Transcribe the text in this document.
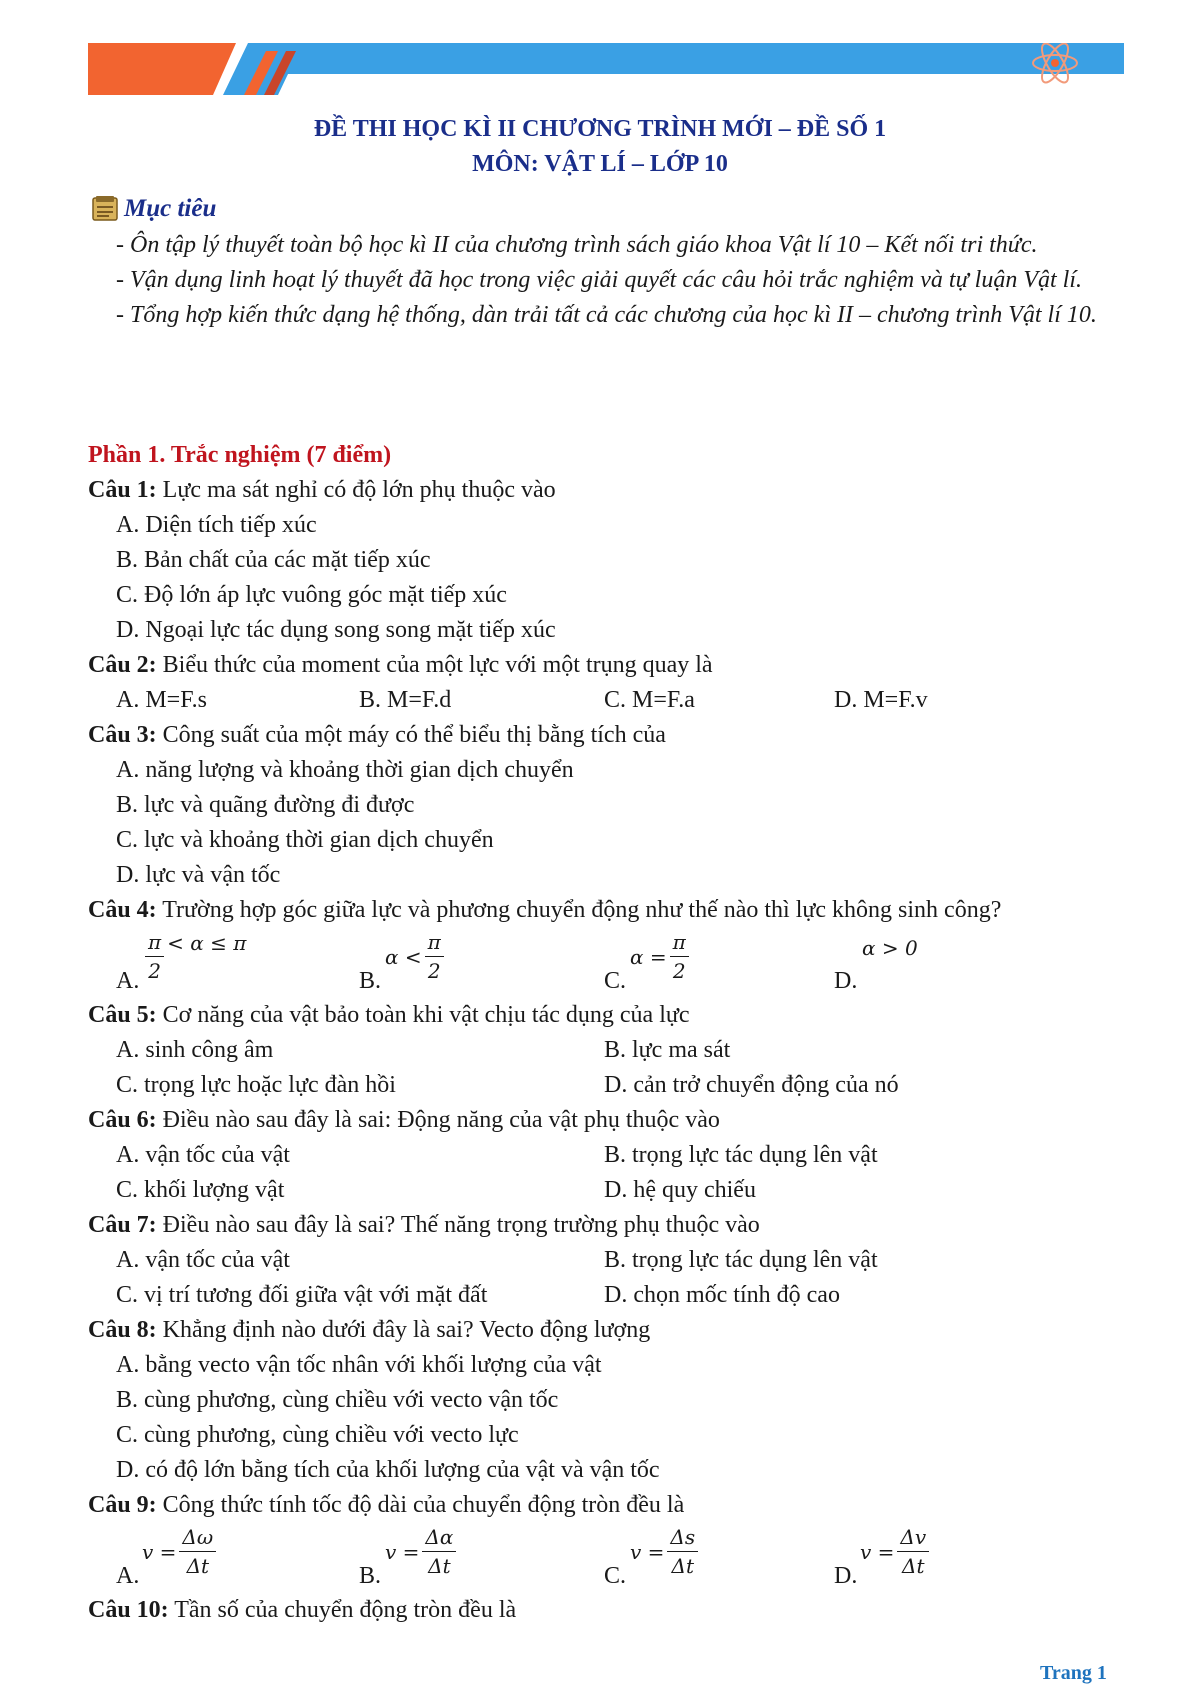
ĐỀ THI HỌC KÌ II CHƯƠNG TRÌNH MỚI – ĐỀ SỐ 1
MÔN: VẬT LÍ – LỚP 10
Mục tiêu

- Ôn tập lý thuyết toàn bộ học kì II của chương trình sách giáo khoa Vật lí 10 – Kết nối tri thức.

- Vận dụng linh hoạt lý thuyết đã học trong việc giải quyết các câu hỏi trắc nghiệm và tự luận Vật lí.

- Tổng hợp kiến thức dạng hệ thống, dàn trải tất cả các chương của học kì II – chương trình Vật lí 10.

Phần 1. Trắc nghiệm (7 điểm)
Câu 1: Lực ma sát nghỉ có độ lớn phụ thuộc vào
A. Diện tích tiếp xúc
B. Bản chất của các mặt tiếp xúc
C. Độ lớn áp lực vuông góc mặt tiếp xúc
D. Ngoại lực tác dụng song song mặt tiếp xúc
Câu 2: Biểu thức của moment của một lực với một trụng quay là
A. M=F.s	B. M=F.d	C. M=F.a	D. M=F.v
Câu 3: Công suất của một máy có thể biểu thị bằng tích của
A. năng lượng và khoảng thời gian dịch chuyển
B. lực và quãng đường đi được
C. lực và khoảng thời gian dịch chuyển
D. lực và vận tốc
Câu 4: Trường hợp góc giữa lực và phương chuyển động như thế nào thì lực không sinh công?
A. $\frac{\pi}{2} < \alpha \le \pi$
B.
$\alpha < \frac{\pi}{2}$	C.
$\alpha = \frac{\pi}{2}$	D.
α > 0
Câu 5: Cơ năng của vật bảo toàn khi vật chịu tác dụng của lực
A. sinh công âm	B. lực ma sát
C. trọng lực hoặc lực đàn hồi	D. cản trở chuyển động của nó
Câu 6: Điều nào sau đây là sai: Động năng của vật phụ thuộc vào
A. vận tốc của vật	B. trọng lực tác dụng lên vật
C. khối lượng vật	D. hệ quy chiếu
Câu 7: Điều nào sau đây là sai? Thế năng trọng trường phụ thuộc vào
A. vận tốc của vật	B. trọng lực tác dụng lên vật
C. vị trí tương đối giữa vật với mặt đất	D. chọn mốc tính độ cao
Câu 8: Khẳng định nào dưới đây là sai? Vecto động lượng
A. bằng vecto vận tốc nhân với khối lượng của vật
B. cùng phương, cùng chiều với vecto vận tốc
C. cùng phương, cùng chiều với vecto lực
D. có độ lớn bằng tích của khối lượng của vật và vận tốc
Câu 9: Công thức tính tốc độ dài của chuyển động tròn đều là
A.
$v = \frac{\Delta\omega}{\Delta t}$	B.
$v = \frac{\Delta\alpha}{\Delta t}$	C.
$v = \frac{\Delta s}{\Delta t}$	D.
$v = \frac{\Delta v}{\Delta t}$
Câu 10: Tần số của chuyển động tròn đều là
Trang 1
